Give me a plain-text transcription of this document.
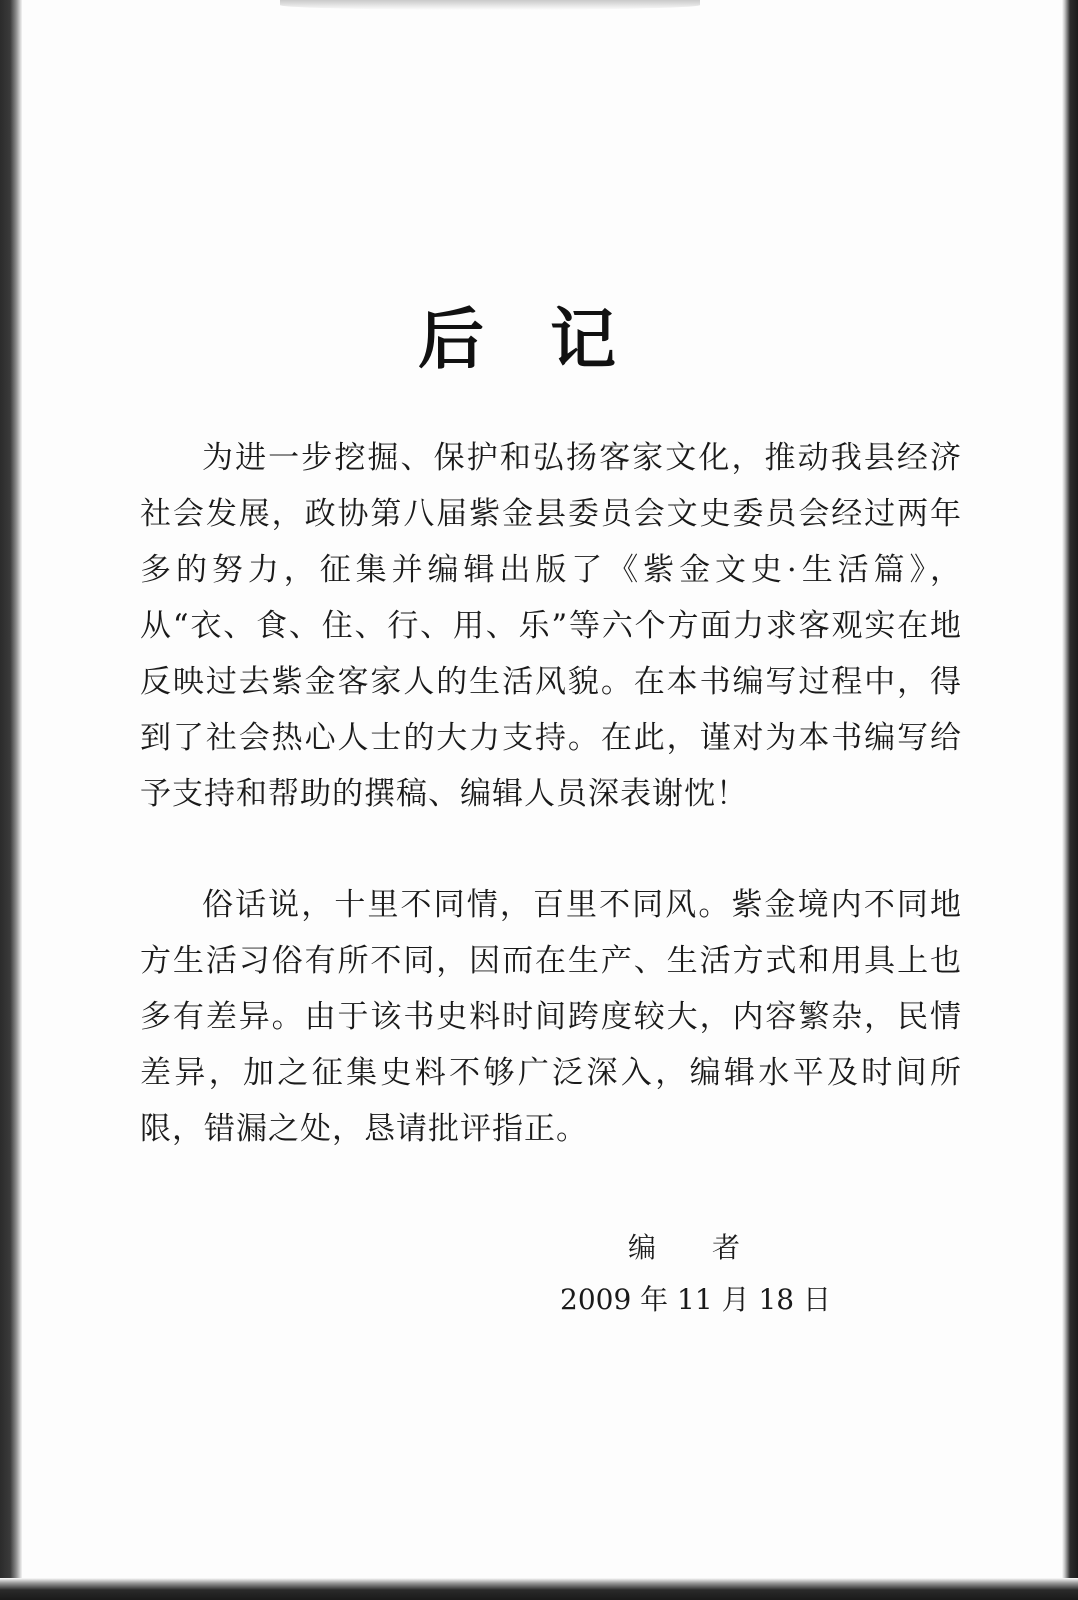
后记

为进一步挖掘、保护和弘扬客家文化，推动我县经济社会发展，政协第八届紫金县委员会文史委员会经过两年多的努力，征集并编辑出版了《紫金文史·生活篇》，从“衣、食、住、行、用、乐”等六个方面力求客观实在地反映过去紫金客家人的生活风貌。在本书编写过程中，得到了社会热心人士的大力支持。在此，谨对为本书编写给予支持和帮助的撰稿、编辑人员深表谢忱！

俗话说，十里不同情，百里不同风。紫金境内不同地方生活习俗有所不同，因而在生产、生活方式和用具上也多有差异。由于该书史料时间跨度较大，内容繁杂，民情差异，加之征集史料不够广泛深入，编辑水平及时间所限，错漏之处，恳请批评指正。

编者
2009 年 11 月 18 日
